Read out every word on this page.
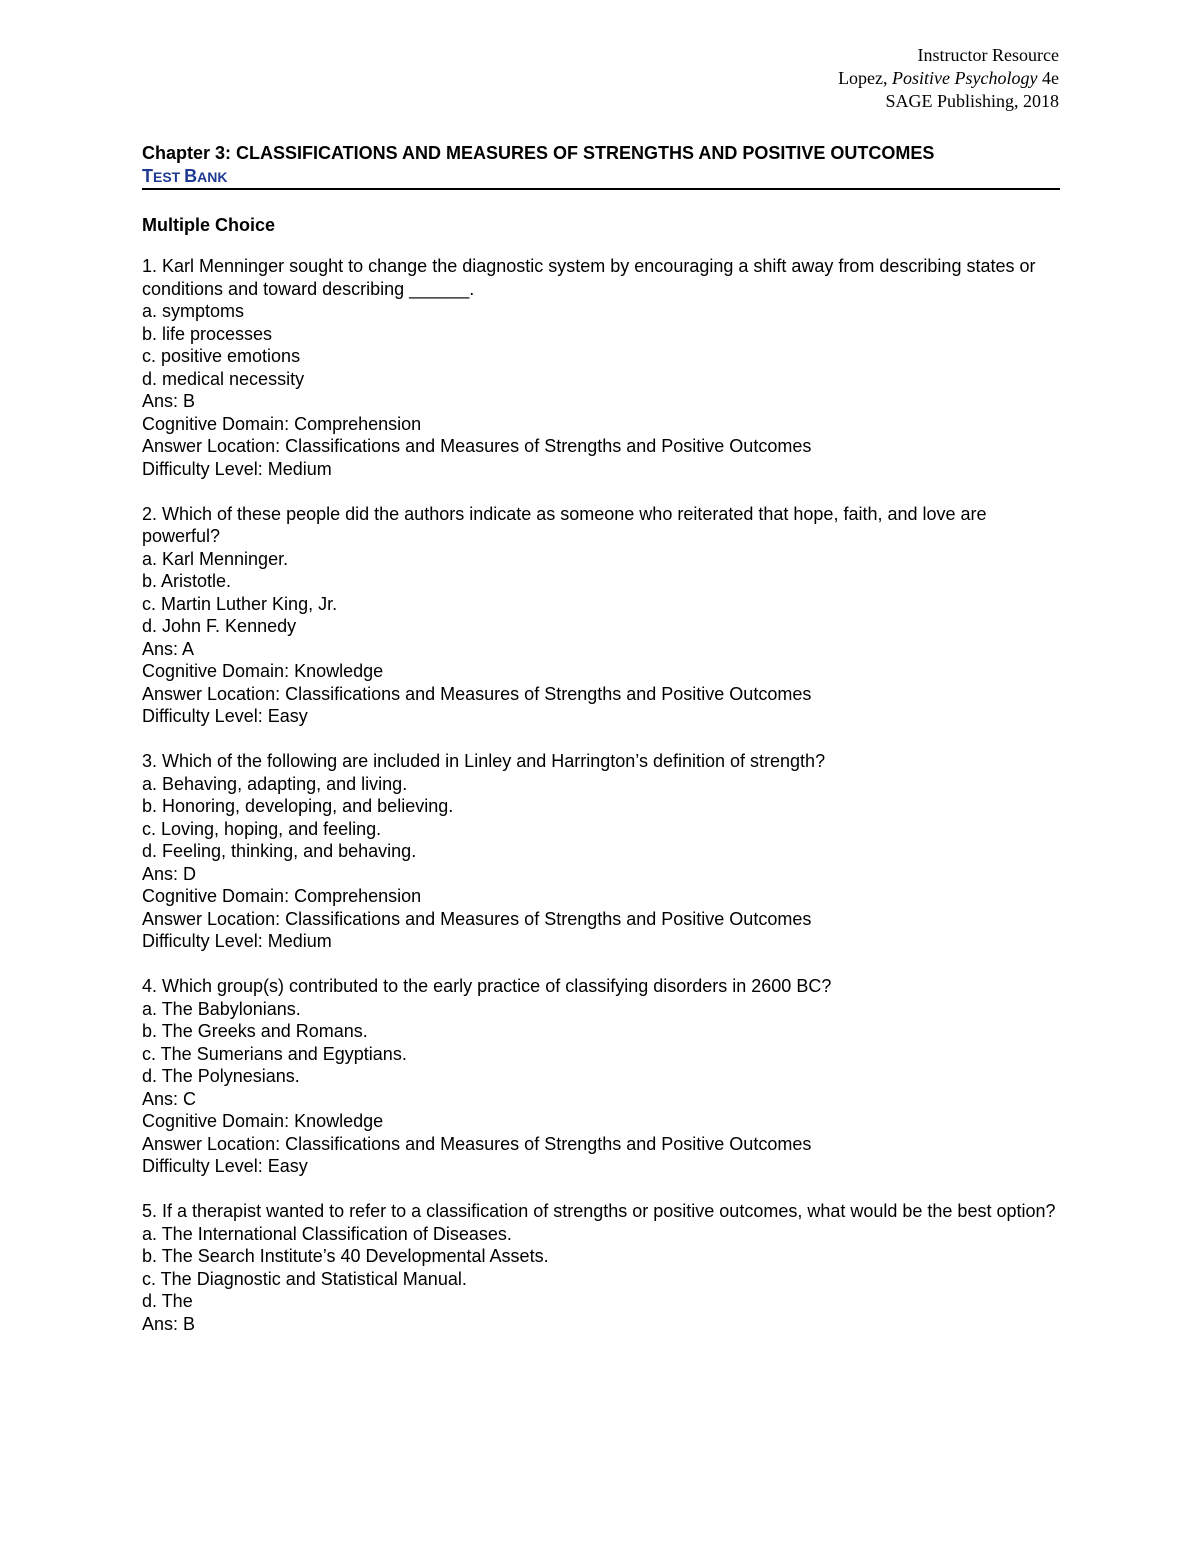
Instructor Resource
Lopez, Positive Psychology 4e
SAGE Publishing, 2018
Chapter 3: CLASSIFICATIONS AND MEASURES OF STRENGTHS AND POSITIVE OUTCOMES
TEST BANK
Multiple Choice
1. Karl Menninger sought to change the diagnostic system by encouraging a shift away from describing states or conditions and toward describing ______.
a. symptoms
b. life processes
c. positive emotions
d. medical necessity
Ans: B
Cognitive Domain: Comprehension
Answer Location: Classifications and Measures of Strengths and Positive Outcomes
Difficulty Level: Medium
2. Which of these people did the authors indicate as someone who reiterated that hope, faith, and love are powerful?
a. Karl Menninger.
b. Aristotle.
c. Martin Luther King, Jr.
d. John F. Kennedy
Ans: A
Cognitive Domain: Knowledge
Answer Location: Classifications and Measures of Strengths and Positive Outcomes
Difficulty Level: Easy
3. Which of the following are included in Linley and Harrington’s definition of strength?
a. Behaving, adapting, and living.
b. Honoring, developing, and believing.
c. Loving, hoping, and feeling.
d. Feeling, thinking, and behaving.
Ans: D
Cognitive Domain: Comprehension
Answer Location: Classifications and Measures of Strengths and Positive Outcomes
Difficulty Level: Medium
4. Which group(s) contributed to the early practice of classifying disorders in 2600 BC?
a. The Babylonians.
b. The Greeks and Romans.
c. The Sumerians and Egyptians.
d. The Polynesians.
Ans: C
Cognitive Domain: Knowledge
Answer Location: Classifications and Measures of Strengths and Positive Outcomes
Difficulty Level: Easy
5. If a therapist wanted to refer to a classification of strengths or positive outcomes, what would be the best option?
a. The International Classification of Diseases.
b. The Search Institute’s 40 Developmental Assets.
c. The Diagnostic and Statistical Manual.
d. The
Ans: B
